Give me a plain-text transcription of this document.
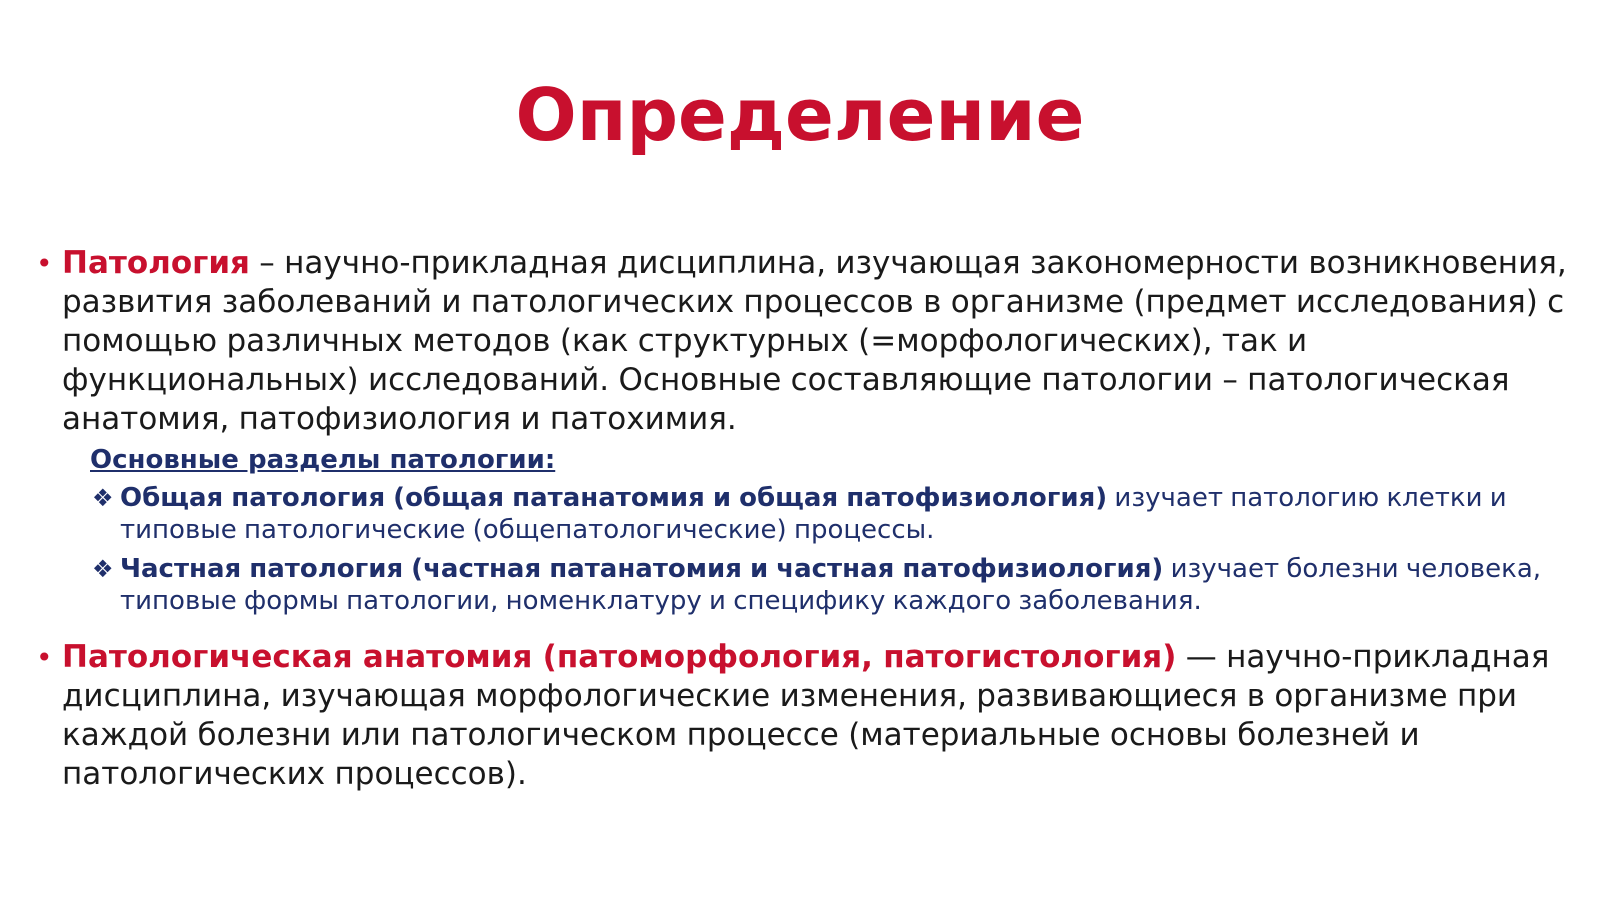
Определение
• Патология – научно-прикладная дисциплина, изучающая закономерности возникновения, развития заболеваний и патологических процессов в организме (предмет исследования) с помощью различных методов (как структурных (=морфологических), так и функциональных) исследований. Основные составляющие патологии – патологическая анатомия, патофизиология и патохимия.
Основные разделы патологии:
❖ Общая патология (общая патанатомия и общая патофизиология) изучает патологию клетки и типовые патологические (общепатологические) процессы.
❖ Частная патология (частная патанатомия и частная патофизиология) изучает болезни человека, типовые формы патологии, номенклатуру и специфику каждого заболевания.
• Патологическая анатомия (патоморфология, патогистология) — научно-прикладная дисциплина, изучающая морфологические изменения, развивающиеся в организме при каждой болезни или патологическом процессе (материальные основы болезней и патологических процессов).
